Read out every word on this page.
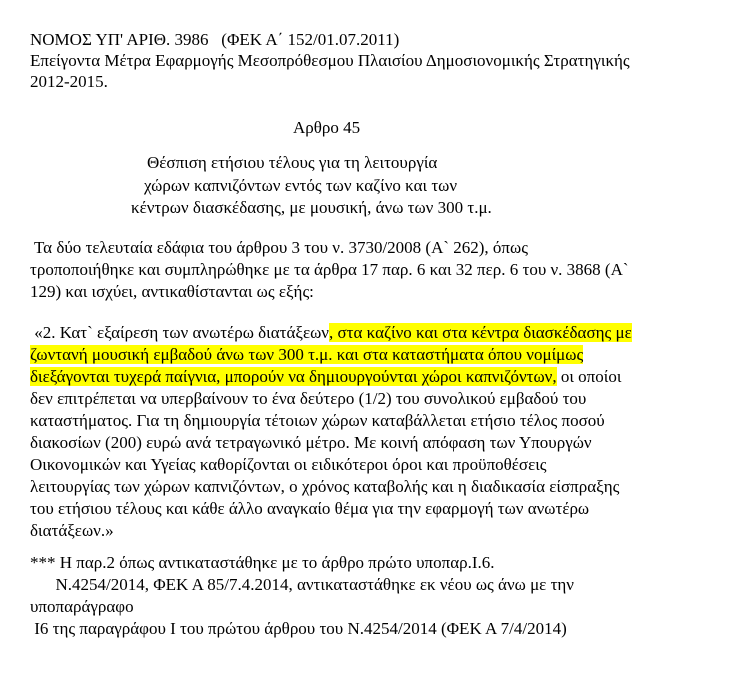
ΝΟΜΟΣ ΥΠ' ΑΡΙΘ. 3986   (ΦΕΚ Α΄ 152/01.07.2011)
Επείγοντα Μέτρα Εφαρμογής Μεσοπρόθεσμου Πλαισίου Δημοσιονομικής Στρατηγικής
2012-2015.
Αρθρο 45
Θέσπιση ετήσιου τέλους για τη λειτουργία
χώρων καπνιζόντων εντός των καζίνο και των
κέντρων διασκέδασης, με μουσική, άνω των 300 τ.μ.
Τα δύο τελευταία εδάφια του άρθρου 3 του ν. 3730/2008 (Α` 262), όπως
τροποποιήθηκε και συμπληρώθηκε με τα άρθρα 17 παρ. 6 και 32 περ. 6 του ν. 3868 (Α`
129) και ισχύει, αντικαθίστανται ως εξής:
«2. Κατ` εξαίρεση των ανωτέρω διατάξεων, στα καζίνο και στα κέντρα διασκέδασης με
ζωντανή μουσική εμβαδού άνω των 300 τ.μ. και στα καταστήματα όπου νομίμως
διεξάγονται τυχερά παίγνια, μπορούν να δημιουργούνται χώροι καπνιζόντων, οι οποίοι
δεν επιτρέπεται να υπερβαίνουν το ένα δεύτερο (1/2) του συνολικού εμβαδού του
καταστήματος. Για τη δημιουργία τέτοιων χώρων καταβάλλεται ετήσιο τέλος ποσού
διακοσίων (200) ευρώ ανά τετραγωνικό μέτρο. Με κοινή απόφαση των Υπουργών
Οικονομικών και Υγείας καθορίζονται οι ειδικότεροι όροι και προϋποθέσεις
λειτουργίας των χώρων καπνιζόντων, ο χρόνος καταβολής και η διαδικασία είσπραξης
του ετήσιου τέλους και κάθε άλλο αναγκαίο θέμα για την εφαρμογή των ανωτέρω
διατάξεων.»
*** Η παρ.2 όπως αντικαταστάθηκε με το άρθρο πρώτο υποπαρ.Ι.6.
Ν.4254/2014, ΦΕΚ Α 85/7.4.2014, αντικαταστάθηκε εκ νέου ως άνω με την
υποπαράγραφο
Ι6 της παραγράφου Ι του πρώτου άρθρου του Ν.4254/2014 (ΦΕΚ Α 7/4/2014)
